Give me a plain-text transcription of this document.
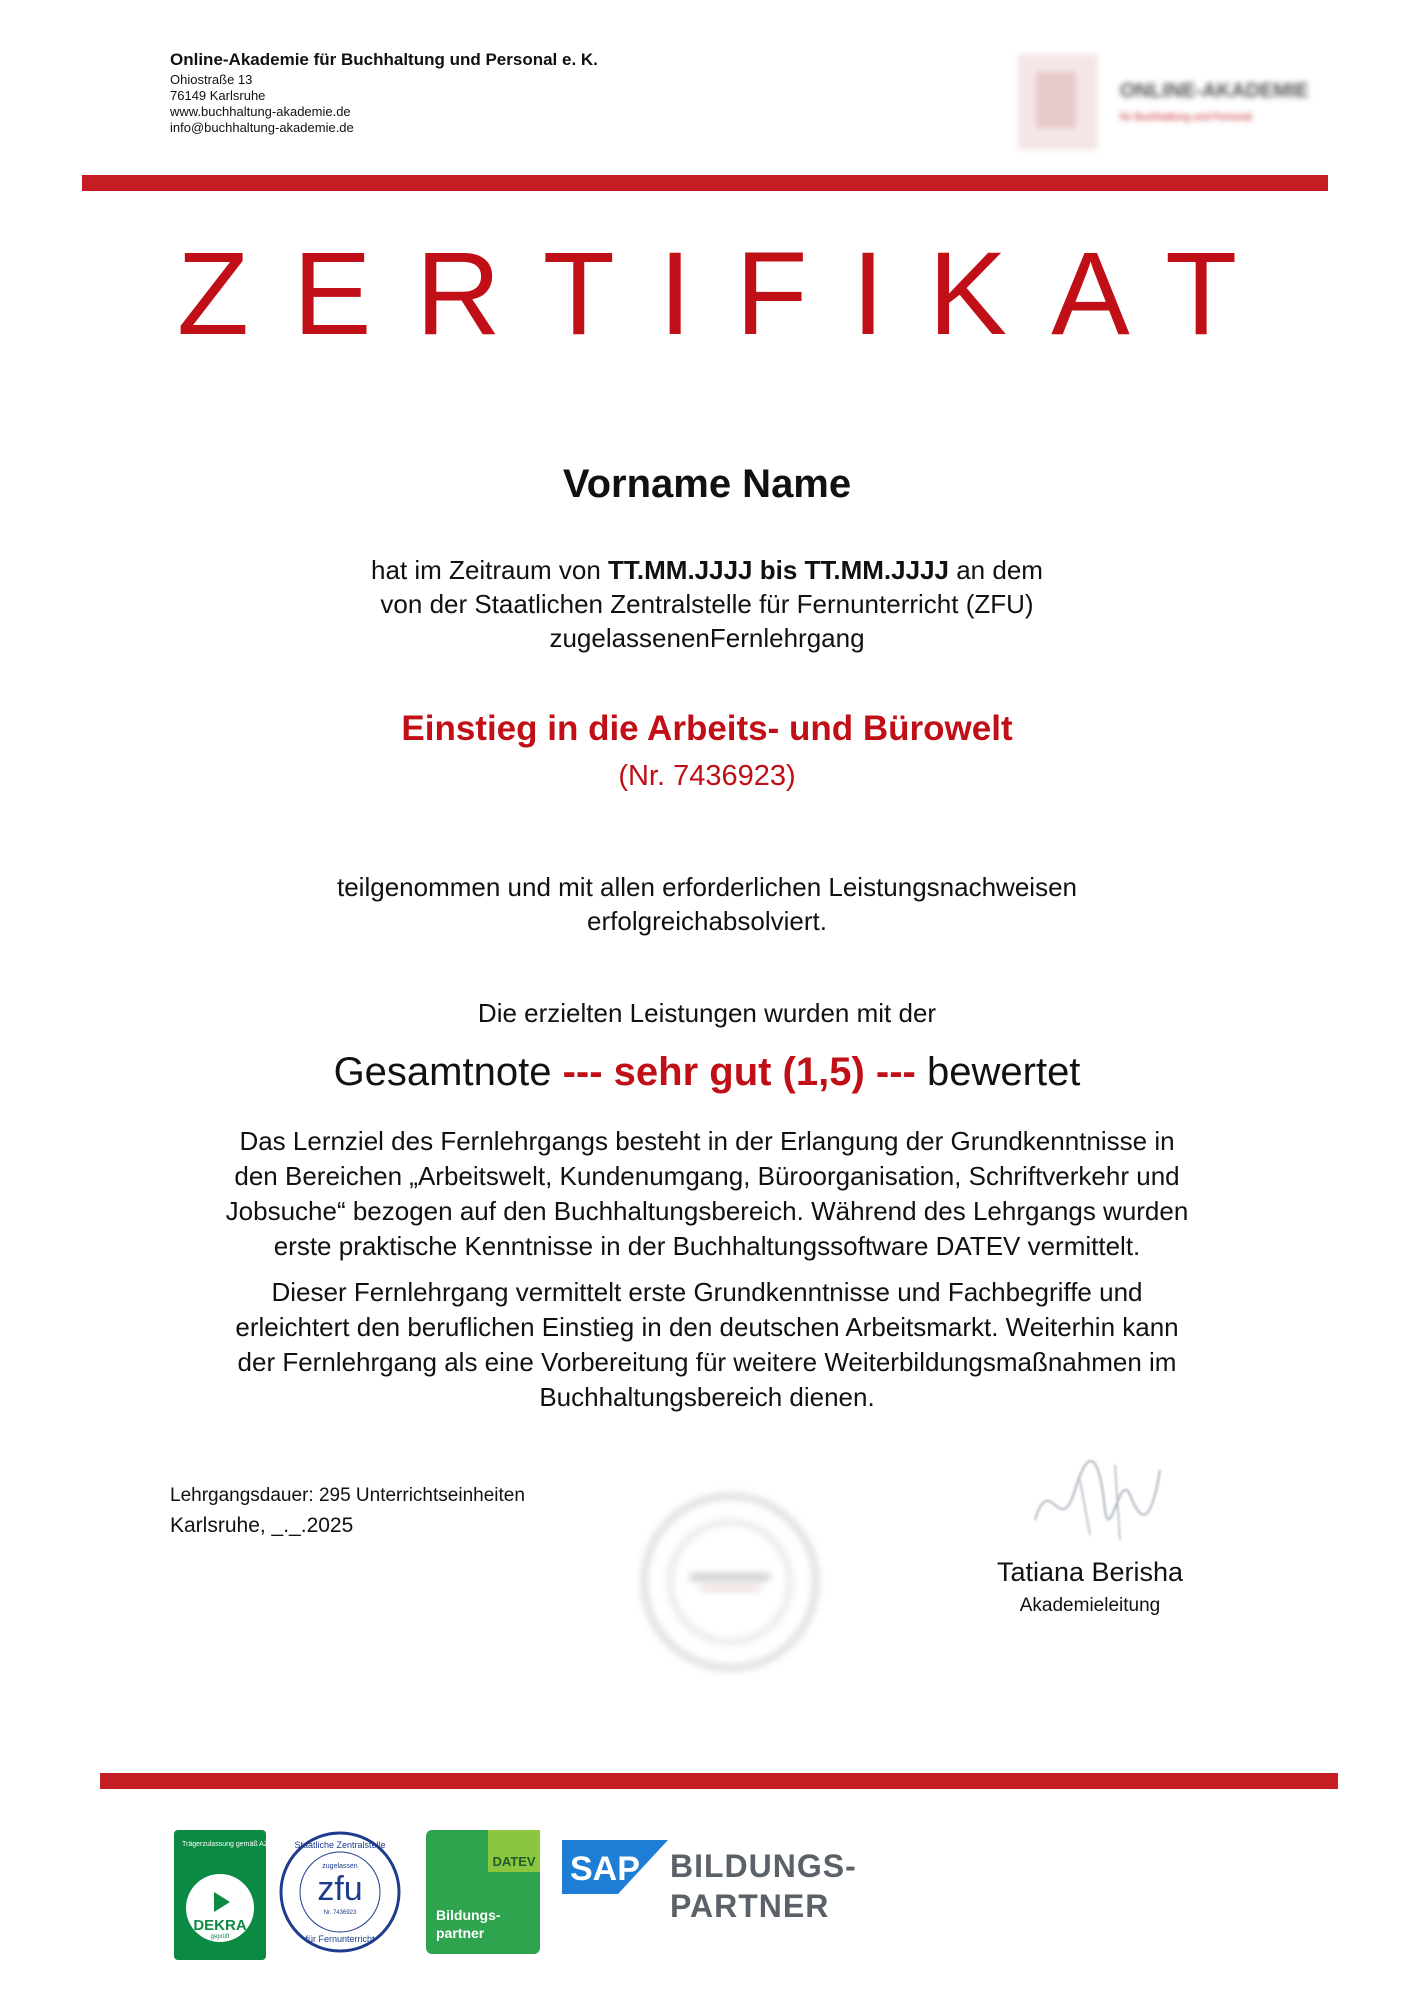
Online-Akademie für Buchhaltung und Personal e. K.
Ohiostraße 13
76149 Karlsruhe
www.buchhaltung-akademie.de
info@buchhaltung-akademie.de
ONLINE-AKADEMIE
für Buchhaltung und Personal
ZERTIFIKAT
Vorname Name
hat im Zeitraum von TT.MM.JJJJ bis TT.MM.JJJJ an dem
von der Staatlichen Zentralstelle für Fernunterricht (ZFU)
zugelassenenFernlehrgang
Einstieg in die Arbeits- und Bürowelt
(Nr. 7436923)
teilgenommen und mit allen erforderlichen Leistungsnachweisen
erfolgreichabsolviert.
Die erzielten Leistungen wurden mit der
Gesamtnote --- sehr gut (1,5) --- bewertet
Das Lernziel des Fernlehrgangs besteht in der Erlangung der Grundkenntnisse in
den Bereichen „Arbeitswelt, Kundenumgang, Büroorganisation, Schriftverkehr und
Jobsuche“ bezogen auf den Buchhaltungsbereich. Während des Lehrgangs wurden
erste praktische Kenntnisse in der Buchhaltungssoftware DATEV vermittelt.
Dieser Fernlehrgang vermittelt erste Grundkenntnisse und Fachbegriffe und
erleichtert den beruflichen Einstieg in den deutschen Arbeitsmarkt. Weiterhin kann
der Fernlehrgang als eine Vorbereitung für weitere Weiterbildungsmaßnahmen im
Buchhaltungsbereich dienen.
Lehrgangsdauer: 295 Unterrichtseinheiten
Karlsruhe, _._.2025
Tatiana Berisha
Akademieleitung
Trägerzulassung gemäß AZAV
DEKRA
geprüft
Staatliche Zentralstelle
zugelassen
zfu
Nr. 7436923
für Fernunterricht
DATEV
Bildungs-
partner
SAP BILDUNGS-
PARTNER
